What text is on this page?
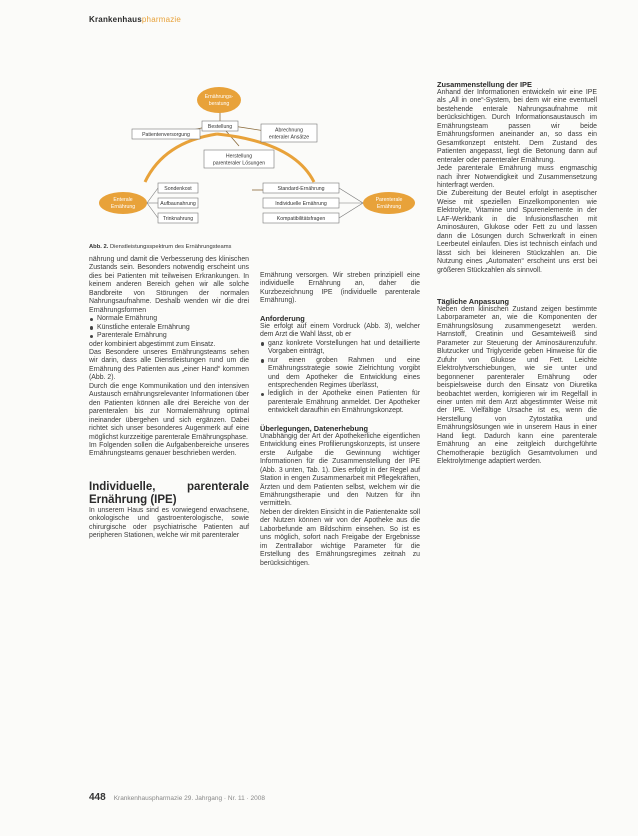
Krankenhauspharmazie
Ernährungs-
beratung
Bestellung
Patientenversorgung
Abrechnung
enteraler Ansätze
Herstellung
parenteraler Lösungen
Enterale
Ernährung
Parenterale
Ernährung
Sondenkost
Aufbaunahrung
Trinknahrung
Standard-Ernährung
Individuelle Ernährung
Kompatibilitätsfragen
Abb. 2. Dienstleistungsspektrum des Ernährungsteams

nährung und damit die Verbesserung des klinischen Zustands sein. Besonders notwendig erscheint uns dies bei Patienten mit teilweisen Erkrankungen. In keinem anderen Bereich gehen wir alle solche Bandbreite von Störungen der normalen Nahrungsaufnahme. Deshalb wenden wir die drei Ernährungsformen

Normale Ernährung

Künstliche enterale Ernährung

Parenterale Ernährung

oder kombiniert abgestimmt zum Einsatz.

Das Besondere unseres Ernährungsteams sehen wir darin, dass alle Dienstleistungen rund um die Ernährung des Patienten aus „einer Hand“ kommen (Abb. 2).

Durch die enge Kommunikation und den intensiven Austausch ernährungsrelevanter Informationen über den Patienten können alle drei Bereiche von der parenteralen bis zur Normalernährung optimal ineinander übergehen und sich ergänzen. Dabei richtet sich unser besonderes Augenmerk auf eine möglichst kurzzeitige parenterale Ernährungsphase.

Im Folgenden sollen die Aufgabenbereiche unseres Ernährungsteams genauer beschrieben werden.

Individuelle, parenterale Ernährung (IPE)

In unserem Haus sind es vorwiegend erwachsene, onkologische und gastroenterologische, sowie chirurgische oder psychiatrische Patienten auf peripheren Stationen, welche wir mit parenteraler

Ernährung versorgen. Wir streben prinzipiell eine individuelle Ernährung an, daher die Kurzbezeichnung IPE (individuelle parenterale Ernährung).

Anforderung

Sie erfolgt auf einem Vordruck (Abb. 3), welcher dem Arzt die Wahl lässt, ob er

ganz konkrete Vorstellungen hat und detaillierte Vorgaben einträgt,

nur einen groben Rahmen und eine Ernährungsstrategie sowie Zielrichtung vorgibt und dem Apotheker die Entwicklung eines entsprechenden Regimes überlässt,

lediglich in der Apotheke einen Patienten für parenterale Ernährung anmeldet. Der Apotheker entwickelt daraufhin ein Ernährungskonzept.

Überlegungen, Datenerhebung

Unabhängig der Art der Apothekerliche eigentlichen Entwicklung eines Profilierungskonzepts, ist unsere erste Aufgabe die Gewinnung wichtiger Informationen für die Zusammenstellung der IPE (Abb. 3 unten, Tab. 1). Dies erfolgt in der Regel auf Station in engen Zusammenarbeit mit Pflegekräften, Ärzten und dem Patienten selbst, welchem wir die Ernährungstherapie und den Nutzen für ihn vermitteln.

Neben der direkten Einsicht in die Patientenakte soll der Nutzen können wir von der Apotheke aus die Laborbefunde am Bildschirm einsehen. So ist es uns möglich, sofort nach Freigabe der Ergebnisse im Zentrallabor wichtige Parameter für die Erstellung des Ernährungsregimes zeitnah zu berücksichtigen.

Zusammenstellung der IPE

Anhand der Informationen entwickeln wir eine IPE als „All in one“-System, bei dem wir eine eventuell bestehende enterale Nahrungsaufnahme mit berücksichtigen. Durch Informationsaustausch im Ernährungsteam passen wir beide Ernährungsformen aneinander an, so dass ein Gesamtkonzept entsteht. Dem Zustand des Patienten angepasst, liegt die Betonung dann auf enteraler oder parenteraler Ernährung.

Jede parenterale Ernährung muss engmaschig nach ihrer Notwendigkeit und Zusammensetzung hinterfragt werden.

Die Zubereitung der Beutel erfolgt in aseptischer Weise mit speziellen Einzelkomponenten wie Elektrolyte, Vitamine und Spurenelemente in der LAF-Werkbank in die Infusionsflaschen mit Aminosäuren, Glukose oder Fett zu und lassen dann die Lösungen durch Schwerkraft in einen Leerbeutel einlaufen. Dies ist technisch einfach und lässt sich bei kleineren Stückzahlen an. Die Nutzung eines „Automaten“ erscheint uns erst bei größeren Stückzahlen als sinnvoll.

Tägliche Anpassung

Neben dem klinischen Zustand zeigen bestimmte Laborparameter an, wie die Komponenten der Ernährungslösung zusammengesetzt werden. Harnstoff, Creatinin und Gesamteiweiß sind Parameter zur Steuerung der Aminosäurenzufuhr. Blutzucker und Triglyceride geben Hinweise für die Zufuhr von Glukose und Fett. Leichte Elektrolytverschiebungen, wie sie unter und begonnener parenteraler Ernährung oder beispielsweise durch den Einsatz von Diuretika beobachtet werden, korrigieren wir im Regelfall in einer unten mit dem Arzt abgestimmter Weise mit der IPE. Vielfältige Ursache ist es, wenn die Herstellung von Zytostatika und Ernährungslösungen wie in unserem Haus in einer Hand liegt. Dadurch kann eine parenterale Ernährung an eine zeitgleich durchgeführte Chemotherapie bezüglich Gesamtvolumen und Elektrolytmenge adaptiert werden.

448 Krankenhauspharmazie 29. Jahrgang · Nr. 11 · 2008
